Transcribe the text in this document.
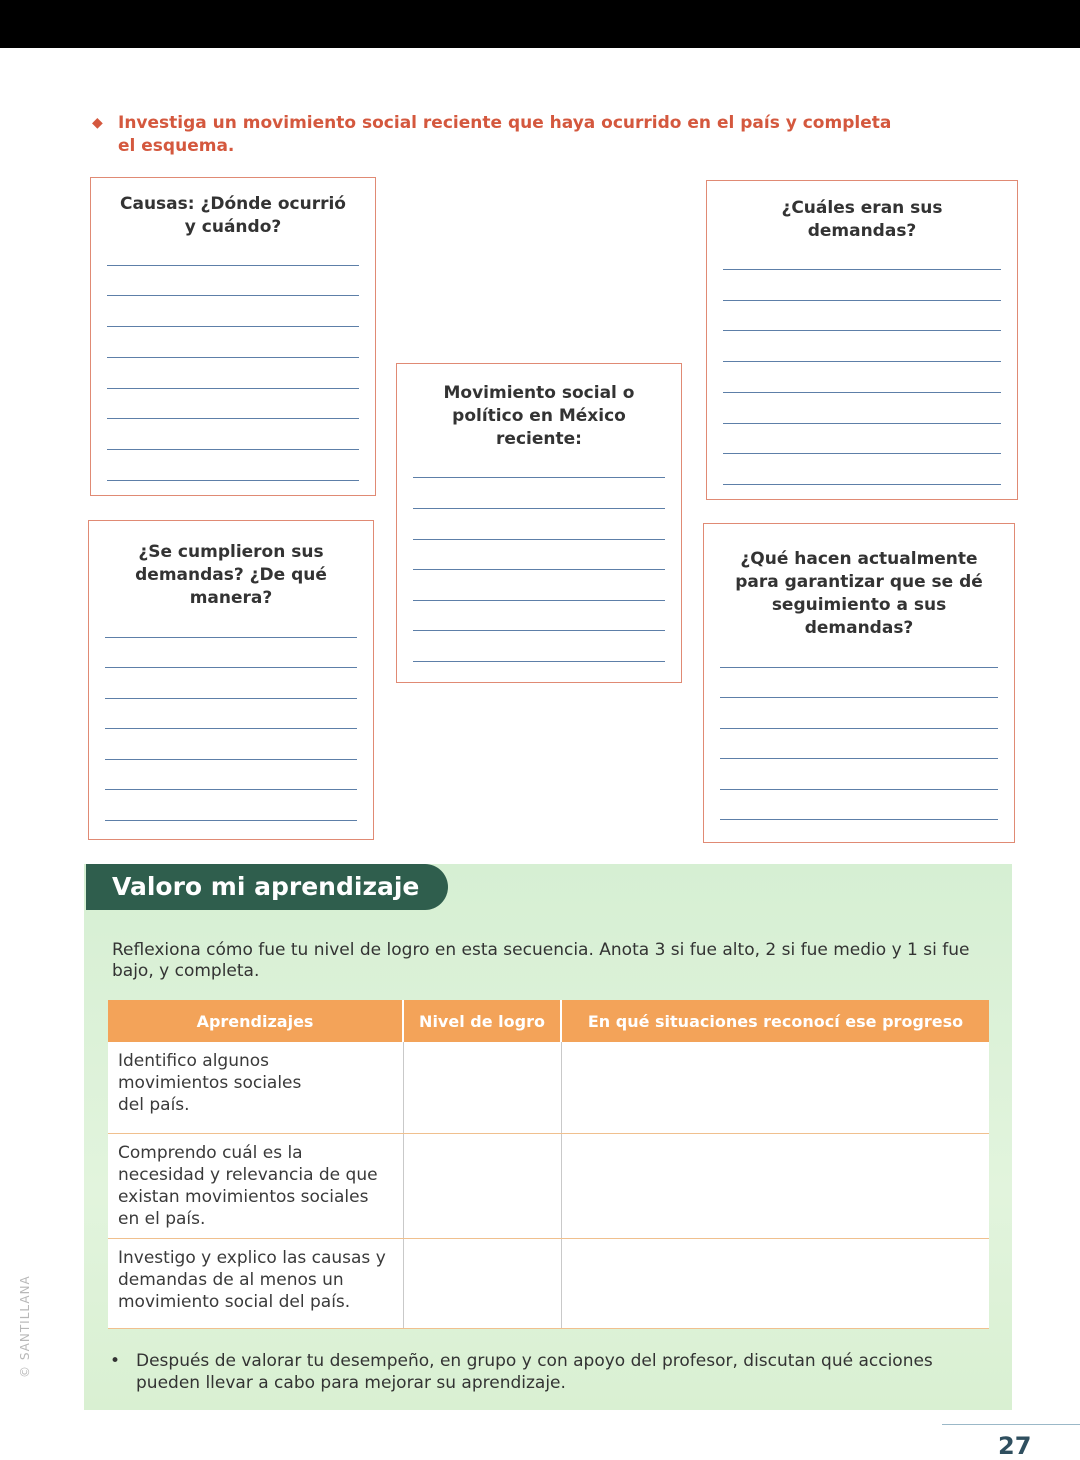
◆ Investiga un movimiento social reciente que haya ocurrido en el país y completa el esquema.
Causas: ¿Dónde ocurrió y cuándo?
¿Cuáles eran sus demandas?
Movimiento social o político en México reciente:
¿Se cumplieron sus demandas? ¿De qué manera?
¿Qué hacen actualmente para garantizar que se dé seguimiento a sus demandas?
Valoro mi aprendizaje
Reflexiona cómo fue tu nivel de logro en esta secuencia. Anota 3 si fue alto, 2 si fue medio y 1 si fue bajo, y completa.
Aprendizajes	Nivel de logro	En qué situaciones reconocí ese progreso
Identifico algunos movimientos sociales del país.		
Comprendo cuál es la necesidad y relevancia de que existan movimientos sociales en el país.		
Investigo y explico las causas y demandas de al menos un movimiento social del país.		
• Después de valorar tu desempeño, en grupo y con apoyo del profesor, discutan qué acciones pueden llevar a cabo para mejorar su aprendizaje.
© SANTILLANA
27
